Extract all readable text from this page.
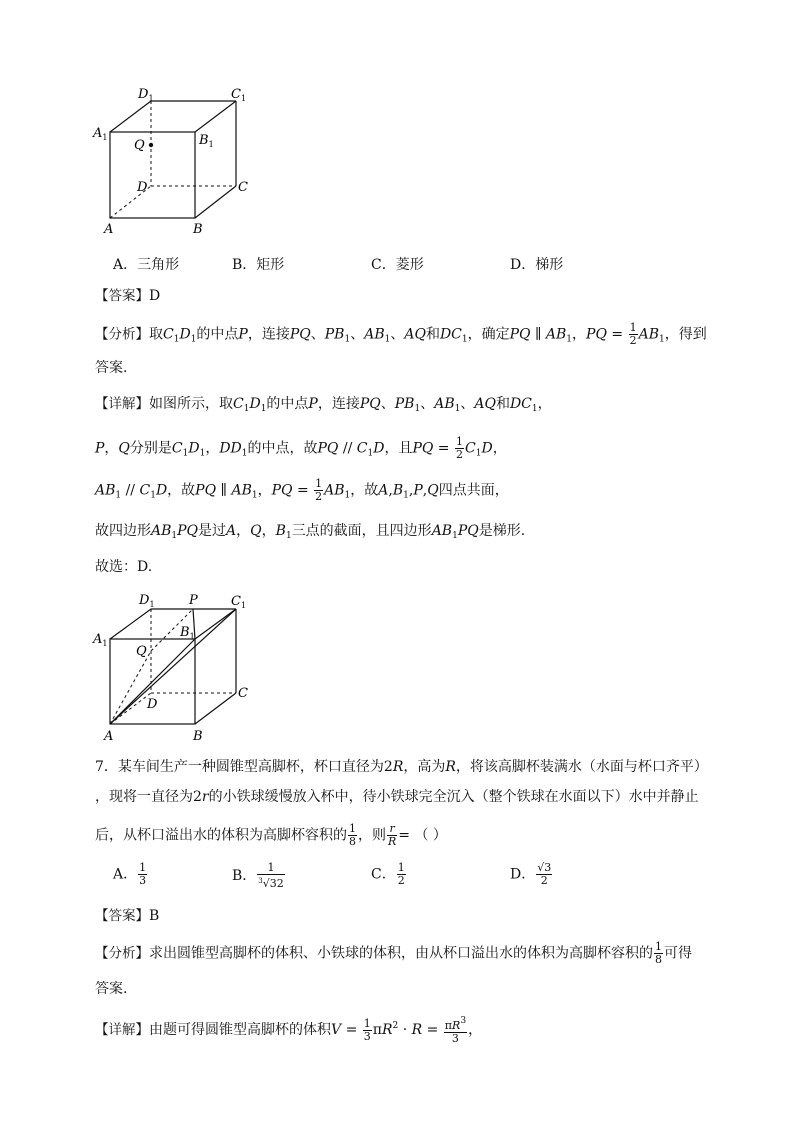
$D_1$	$C_1$
$A_1$	$B_1$
Q
D	C
A	B
A．三角形	B．矩形	C．菱形	D．梯形
【答案】D
【分析】取$C_1D_1$的中点P，连接PQ、$PB_1$、$AB_1$、AQ和$DC_1$，确定PQ ∥ $AB_1$，PQ = $\frac{1}{2} AB_1$，得到
答案.
【详解】如图所示，取$C_1D_1$的中点P，连接PQ、$PB_1$、$AB_1$、AQ和$DC_1$，
P，Q分别是$C_1D_1$，$DD_1$的中点，故PQ // $C_1D$，且PQ = $\frac{1}{2} C_1D$，
$AB_1 // C_1D$，故PQ ∥ $AB_1$，PQ = $\frac{1}{2} AB_1$，故$A,B_1,P,Q$四点共面，
故四边形$AB_1PQ$是过A，Q，$B_1$三点的截面，且四边形$AB_1PQ$是梯形.
故选：D.
$D_1$	P	$C_1$
$B_1$
$A_1$
Q
D
C
A	B
7．某车间生产一种圆锥型高脚杯，杯口直径为2R，高为R，将该高脚杯装满水（水面与杯口齐平）
，现将一直径为2r的小铁球缓慢放入杯中，待小铁球完全沉入（整个铁球在水面以下）水中并静止
后，从杯口溢出水的体积为高脚杯容积的 $\frac{1}{8}$ ，则 $\frac{r}{R}$ = （ ）
A． $\frac{1}{3}$	B． $\frac{1}{^3√32}$	C． $\frac{1}{2}$	D． $\frac{√3}{2}$
【答案】B
【分析】求出圆锥型高脚杯的体积、小铁球的体积，由从杯口溢出水的体积为高脚杯容积的 $\frac{1}{8}$ 可得
答案.
【详解】由题可得圆锥型高脚杯的体积$V = \frac{1}{3} \pi R^2 \cdot R = \frac{\pi R^3}{3}$ ，
